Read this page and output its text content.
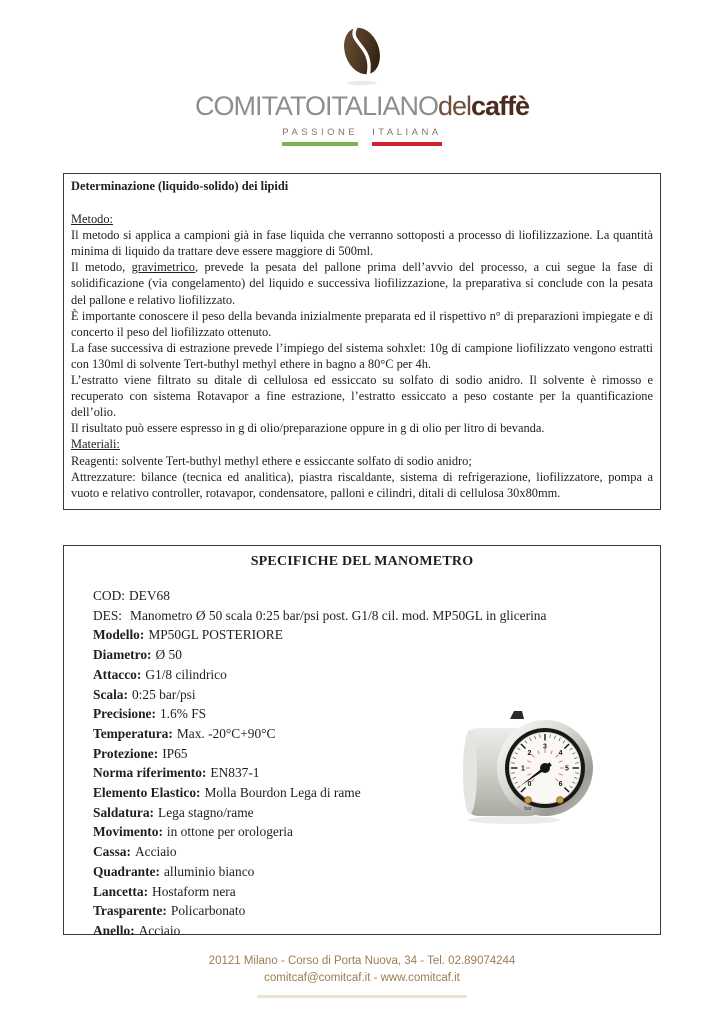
COMITATOITALIANOdelcaffè
PASSIONE ITALIANA
Determinazione (liquido-solido) dei lipidi
Metodo:
Il metodo si applica a campioni già in fase liquida che verranno sottoposti a processo di liofilizzazione. La quantità minima di liquido da trattare deve essere maggiore di 500ml.
Il metodo, gravimetrico, prevede la pesata del pallone prima dell’avvio del processo, a cui segue la fase di solidificazione (via congelamento) del liquido e successiva liofilizzazione, la preparativa si conclude con la pesata del pallone e relativo liofilizzato.
È importante conoscere il peso della bevanda inizialmente preparata ed il rispettivo n° di preparazioni impiegate e di concerto il peso del liofilizzato ottenuto.
La fase successiva di estrazione prevede l’impiego del sistema sohxlet: 10g di campione liofilizzato vengono estratti con 130ml di solvente Tert-buthyl methyl ethere in bagno a 80°C per 4h.
L’estratto viene filtrato su ditale di cellulosa ed essiccato su solfato di sodio anidro. Il solvente è rimosso e recuperato con sistema Rotavapor a fine estrazione, l’estratto essiccato a peso costante per la quantificazione dell’olio.
Il risultato può essere espresso in g di olio/preparazione oppure in g di olio per litro di bevanda.
Materiali:
Reagenti: solvente Tert-buthyl methyl ethere e essiccante solfato di sodio anidro;
Attrezzature: bilance (tecnica ed analitica), piastra riscaldante, sistema di refrigerazione, liofilizzatore, pompa a vuoto e relativo controller, rotavapor, condensatore, palloni e cilindri, ditali di cellulosa 30x80mm.
SPECIFICHE DEL MANOMETRO
COD: DEV68
DES: Manometro Ø 50 scala 0:25 bar/psi post. G1/8 cil. mod. MP50GL in glicerina
Modello: MP50GL POSTERIORE
Diametro: Ø 50
Attacco: G1/8 cilindrico
Scala: 0:25 bar/psi
Precisione: 1.6% FS
Temperatura: Max. -20°C+90°C
Protezione: IP65
Norma riferimento: EN837-1
Elemento Elastico: Molla Bourdon Lega di rame
Saldatura: Lega stagno/rame
Movimento: in ottone per orologeria
Cassa: Acciaio
Quadrante: alluminio bianco
Lancetta: Hostaform nera
Trasparente: Policarbonato
Anello: Acciaio
0
1
2
3
4
5
6
bar
20121 Milano - Corso di Porta Nuova, 34 - Tel. 02.89074244
comitcaf@comitcaf.it - www.comitcaf.it
